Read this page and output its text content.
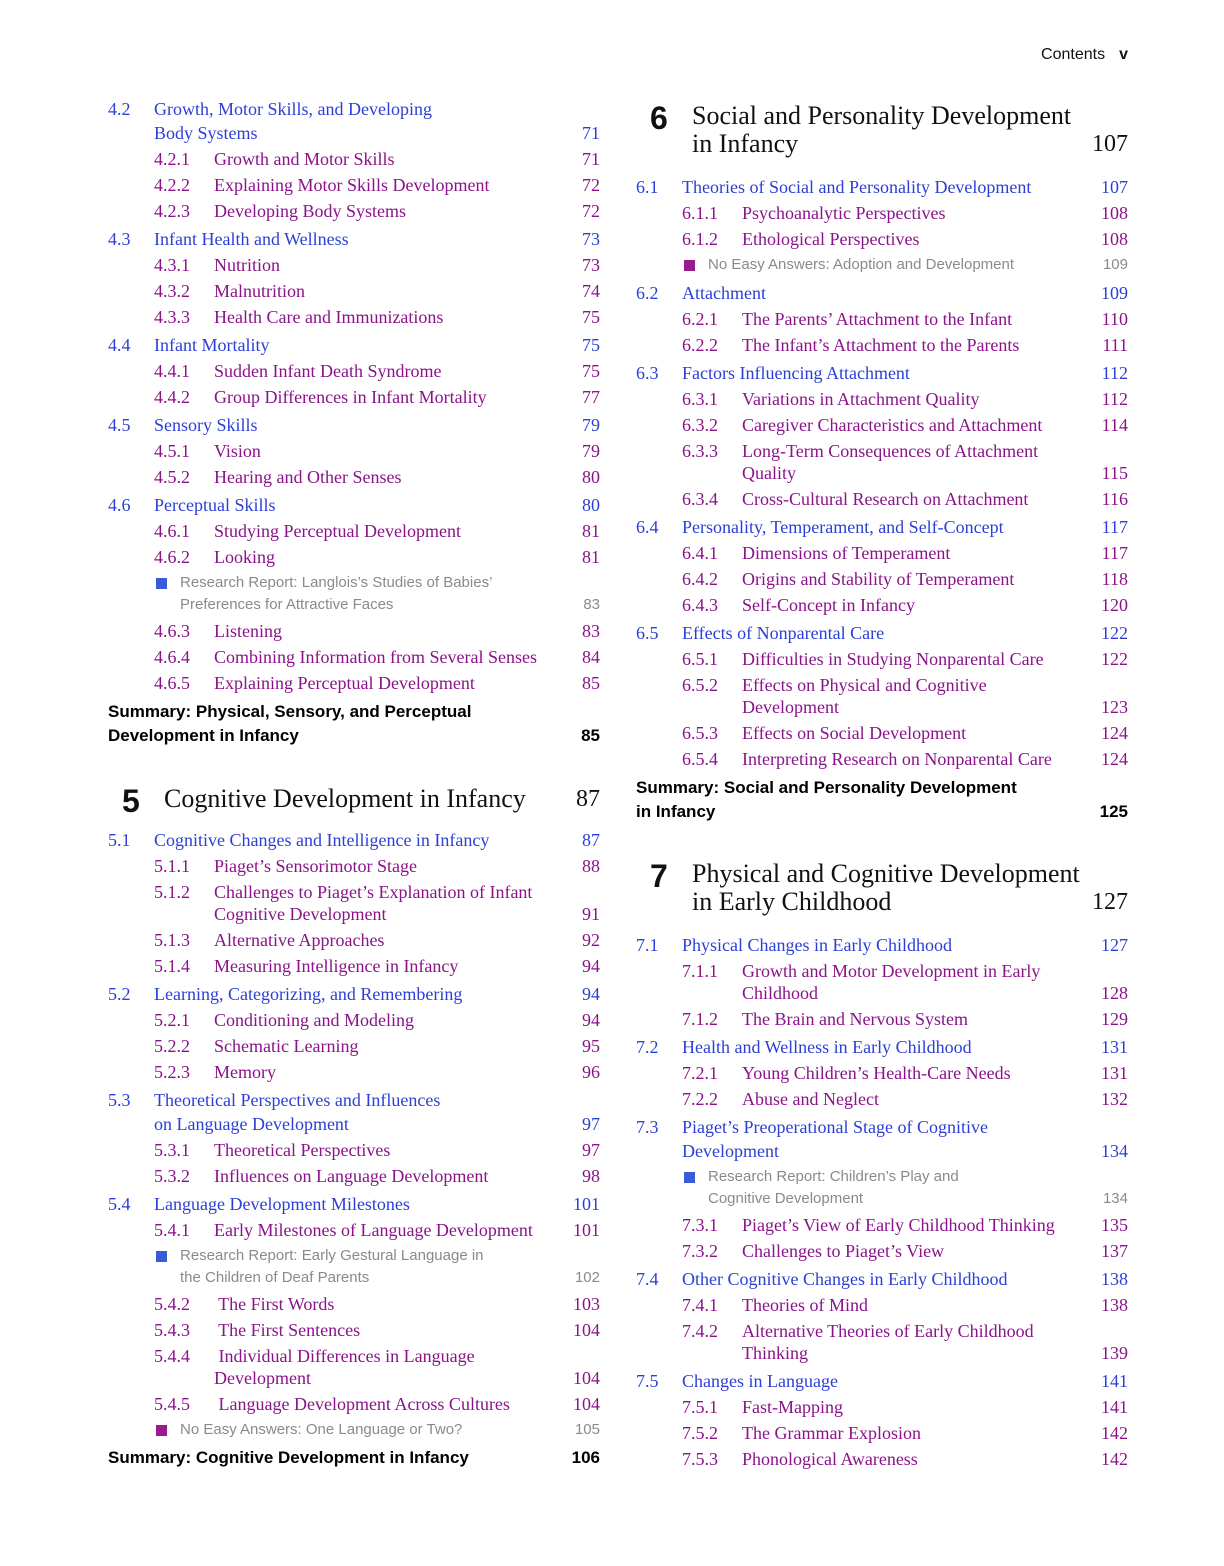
Contents v
4.2 Growth, Motor Skills, and Developing
Body Systems	71
4.2.1 Growth and Motor Skills	71
4.2.2 Explaining Motor Skills Development	72
4.2.3 Developing Body Systems	72
4.3 Infant Health and Wellness	73
4.3.1 Nutrition	73
4.3.2 Malnutrition	74
4.3.3 Health Care and Immunizations	75
4.4 Infant Mortality	75
4.4.1 Sudden Infant Death Syndrome	75
4.4.2 Group Differences in Infant Mortality	77
4.5 Sensory Skills	79
4.5.1 Vision	79
4.5.2 Hearing and Other Senses	80
4.6 Perceptual Skills	80
4.6.1 Studying Perceptual Development	81
4.6.2 Looking	81
Research Report: Langlois’s Studies of Babies’
Preferences for Attractive Faces	83
4.6.3 Listening	83
4.6.4 Combining Information from Several Senses	84
4.6.5 Explaining Perceptual Development	85
Summary: Physical, Sensory, and Perceptual
Development in Infancy	85
5 Cognitive Development in Infancy 87
5.1 Cognitive Changes and Intelligence in Infancy	87
5.1.1 Piaget’s Sensorimotor Stage	88
5.1.2 Challenges to Piaget’s Explanation of Infant
Cognitive Development	91
5.1.3 Alternative Approaches	92
5.1.4 Measuring Intelligence in Infancy	94
5.2 Learning, Categorizing, and Remembering	94
5.2.1 Conditioning and Modeling	94
5.2.2 Schematic Learning	95
5.2.3 Memory	96
5.3 Theoretical Perspectives and Influences
on Language Development	97
5.3.1 Theoretical Perspectives	97
5.3.2 Influences on Language Development	98
5.4 Language Development Milestones	101
5.4.1 Early Milestones of Language Development 101
Research Report: Early Gestural Language in
the Children of Deaf Parents	102
5.4.2 The First Words	103
5.4.3 The First Sentences	104
5.4.4 Individual Differences in Language
Development	104
5.4.5 Language Development Across Cultures	104
No Easy Answers: One Language or Two?	105
Summary: Cognitive Development in Infancy	106
6 Social and Personality Development
in Infancy	107
6.1 Theories of Social and Personality Development	107
6.1.1 Psychoanalytic Perspectives	108
6.1.2 Ethological Perspectives	108
No Easy Answers: Adoption and Development	109
6.2 Attachment	109
6.2.1 The Parents’ Attachment to the Infant	110
6.2.2 The Infant’s Attachment to the Parents	111
6.3 Factors Influencing Attachment	112
6.3.1 Variations in Attachment Quality	112
6.3.2 Caregiver Characteristics and Attachment	114
6.3.3 Long-Term Consequences of Attachment
Quality	115
6.3.4 Cross-Cultural Research on Attachment	116
6.4 Personality, Temperament, and Self-Concept	117
6.4.1 Dimensions of Temperament	117
6.4.2 Origins and Stability of Temperament	118
6.4.3 Self-Concept in Infancy	120
6.5 Effects of Nonparental Care	122
6.5.1 Difficulties in Studying Nonparental Care	122
6.5.2 Effects on Physical and Cognitive
Development	123
6.5.3 Effects on Social Development	124
6.5.4 Interpreting Research on Nonparental Care	124
Summary: Social and Personality Development
in Infancy	125
7 Physical and Cognitive Development
in Early Childhood	127
7.1 Physical Changes in Early Childhood	127
7.1.1 Growth and Motor Development in Early
Childhood	128
7.1.2 The Brain and Nervous System	129
7.2 Health and Wellness in Early Childhood	131
7.2.1 Young Children’s Health-Care Needs	131
7.2.2 Abuse and Neglect	132
7.3 Piaget’s Preoperational Stage of Cognitive
Development	134
Research Report: Children’s Play and
Cognitive Development	134
7.3.1 Piaget’s View of Early Childhood Thinking	135
7.3.2 Challenges to Piaget’s View	137
7.4 Other Cognitive Changes in Early Childhood	138
7.4.1 Theories of Mind	138
7.4.2 Alternative Theories of Early Childhood
Thinking	139
7.5 Changes in Language	141
7.5.1 Fast-Mapping	141
7.5.2 The Grammar Explosion	142
7.5.3 Phonological Awareness	142
